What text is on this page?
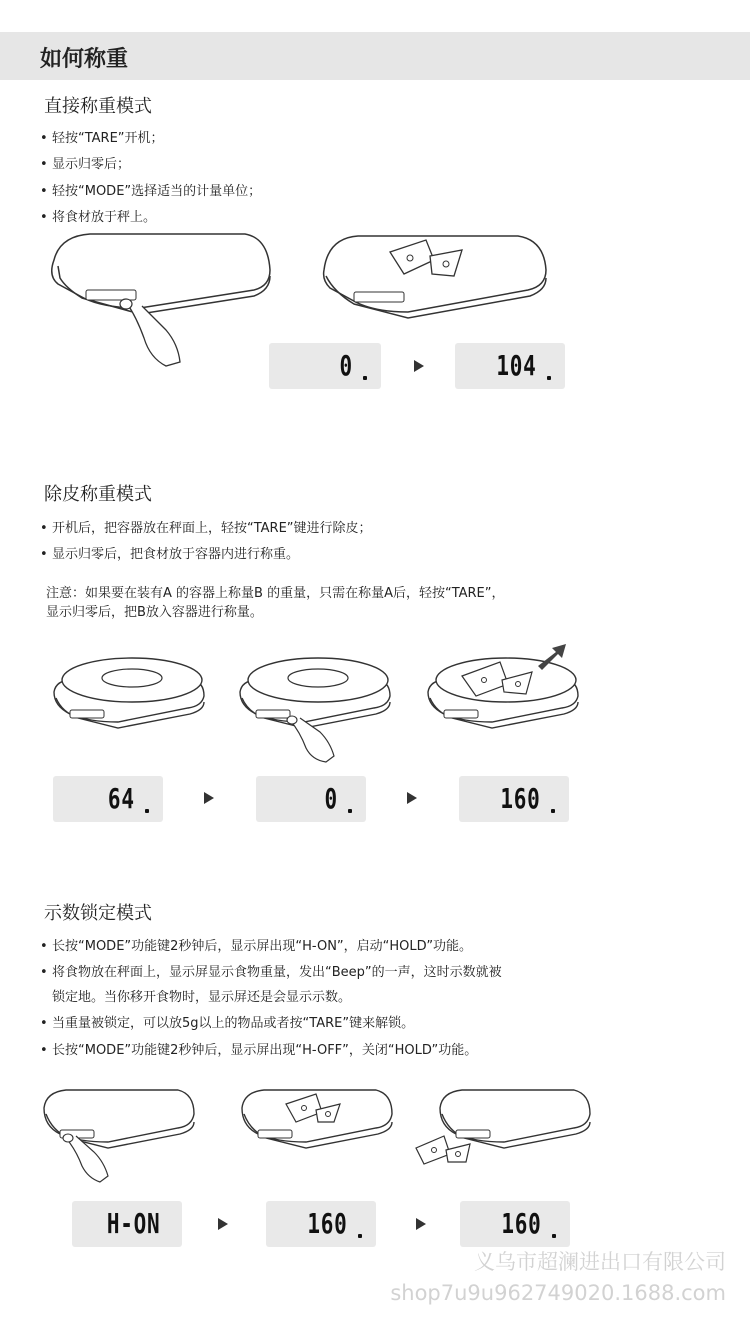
如何称重
直接称重模式
• 轻按“TARE”开机；
• 显示归零后；
• 轻按“MODE”选择适当的计量单位；
• 将食材放于秤上。
0	104
除皮称重模式
• 开机后，把容器放在秤面上，轻按“TARE”键进行除皮；
• 显示归零后，把食材放于容器内进行称重。
注意：如果要在装有A 的容器上称量B 的重量，只需在称量A后，轻按“TARE”，
显示归零后，把B放入容器进行称量。
64	0	160
示数锁定模式
• 长按“MODE”功能键2秒钟后，显示屏出现“H-ON”，启动“HOLD”功能。
• 将食物放在秤面上，显示屏显示食物重量，发出“Beep”的一声，这时示数就被
锁定地。当你移开食物时，显示屏还是会显示示数。
• 当重量被锁定，可以放5g以上的物品或者按“TARE”键来解锁。
• 长按“MODE”功能键2秒钟后，显示屏出现“H-OFF”，关闭“HOLD”功能。
H-ON	160	160
义乌市超澜进出口有限公司
shop7u9u962749020.1688.com
